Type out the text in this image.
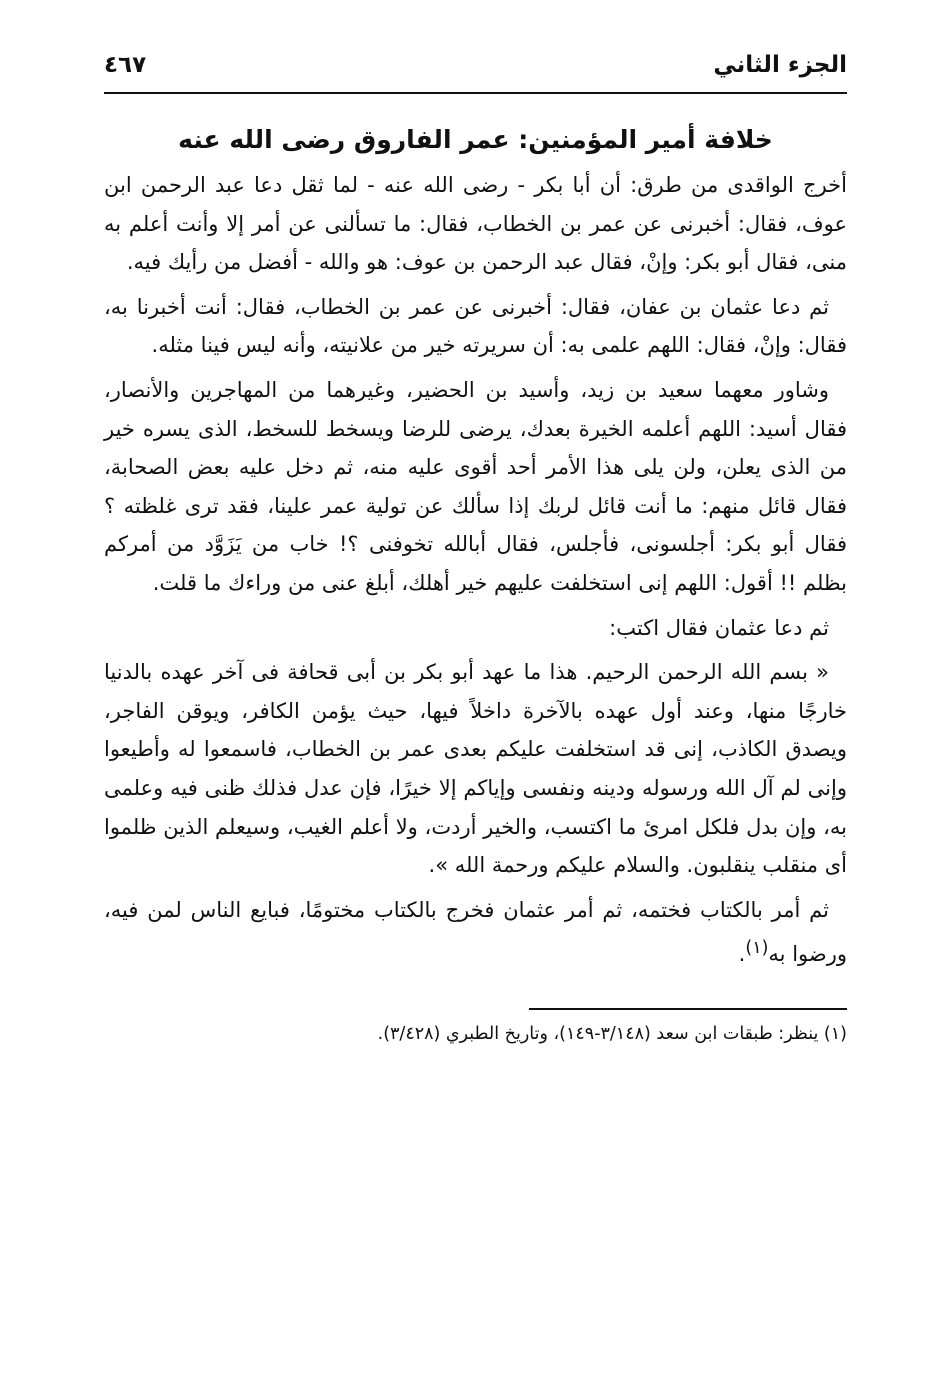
الجزء الثاني
٤٦٧
خلافة أمير المؤمنين: عمر الفاروق رضى الله عنه

أخرج الواقدى من طرق: أن أبا بكر - رضى الله عنه - لما ثقل دعا عبد الرحمن ابن عوف، فقال: أخبرنى عن عمر بن الخطاب، فقال: ما تسألنى عن أمر إلا وأنت أعلم به منى، فقال أبو بكر: وإنْ، فقال عبد الرحمن بن عوف: هو والله - أفضل من رأيك فيه.

ثم دعا عثمان بن عفان، فقال: أخبرنى عن عمر بن الخطاب، فقال: أنت أخبرنا به، فقال: وإنْ، فقال: اللهم علمى به: أن سريرته خير من علانيته، وأنه ليس فينا مثله.

وشاور معهما سعيد بن زيد، وأسيد بن الحضير، وغيرهما من المهاجرين والأنصار، فقال أسيد: اللهم أعلمه الخيرة بعدك، يرضى للرضا ويسخط للسخط، الذى يسره خير من الذى يعلن، ولن يلى هذا الأمر أحد أقوى عليه منه، ثم دخل عليه بعض الصحابة، فقال قائل منهم: ما أنت قائل لربك إذا سألك عن تولية عمر علينا، فقد ترى غلظته ؟ فقال أبو بكر: أجلسونى، فأجلس، فقال أبالله تخوفنى ؟! خاب من يَزَوَّد من أمركم بظلم !! أقول: اللهم إنى استخلفت عليهم خير أهلك، أبلغ عنى من وراءك ما قلت.

ثم دعا عثمان فقال اكتب:

« بسم الله الرحمن الرحيم. هذا ما عهد أبو بكر بن أبى قحافة فى آخر عهده بالدنيا خارجًا منها، وعند أول عهده بالآخرة داخلاً فيها، حيث يؤمن الكافر، ويوقن الفاجر، ويصدق الكاذب، إنى قد استخلفت عليكم بعدى عمر بن الخطاب، فاسمعوا له وأطيعوا وإنى لم آل الله ورسوله ودينه ونفسى وإياكم إلا خيرًا، فإن عدل فذلك ظنى فيه وعلمى به، وإن بدل فلكل امرئ ما اكتسب، والخير أردت، ولا أعلم الغيب، وسيعلم الذين ظلموا أى منقلب ينقلبون. والسلام عليكم ورحمة الله ».

ثم أمر بالكتاب فختمه، ثم أمر عثمان فخرج بالكتاب مختومًا، فبايع الناس لمن فيه، ورضوا به$^{(١)}$.

(١) ينظر: طبقات ابن سعد (٣/١٤٨-١٤٩)، وتاريخ الطبري (٣/٤٢٨).
